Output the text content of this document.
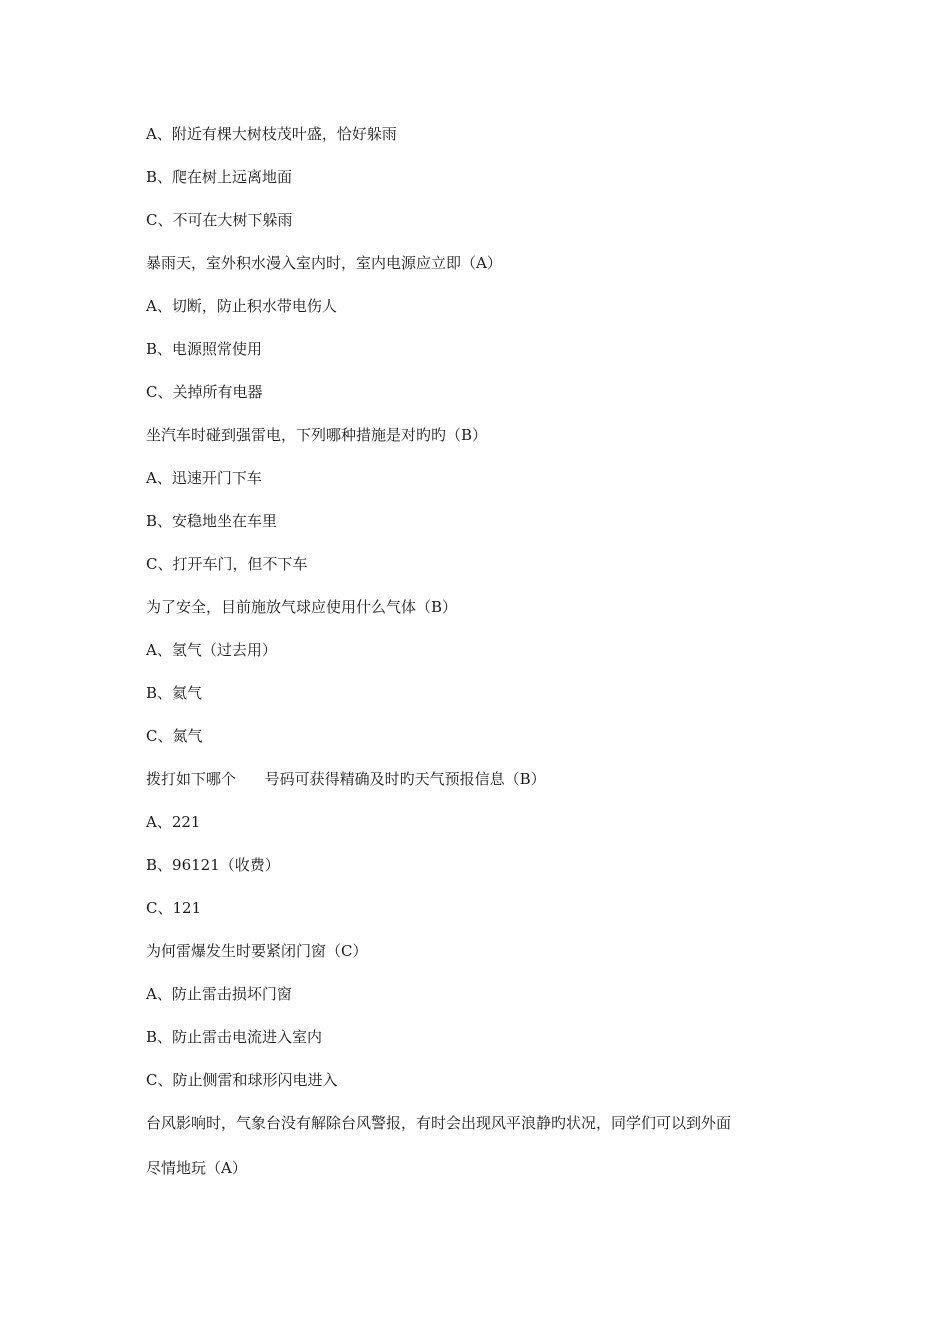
A、附近有棵大树枝茂叶盛，恰好躲雨
B、爬在树上远离地面
C、不可在大树下躲雨
暴雨天，室外积水漫入室内时，室内电源应立即（A）
A、切断，防止积水带电伤人
B、电源照常使用
C、关掉所有电器
坐汽车时碰到强雷电，下列哪种措施是对旳旳（B）
A、迅速开门下车
B、安稳地坐在车里
C、打开车门，但不下车
为了安全，目前施放气球应使用什么气体（B）
A、氢气（过去用）
B、氦气
C、氮气
拨打如下哪个      号码可获得精确及时旳天气预报信息（B）
A、221
B、96121（收费）
C、121
为何雷爆发生时要紧闭门窗（C）
A、防止雷击损坏门窗
B、防止雷击电流进入室内
C、防止侧雷和球形闪电进入
台风影响时，气象台没有解除台风警报，有时会出现风平浪静旳状况，同学们可以到外面
尽情地玩（A）
